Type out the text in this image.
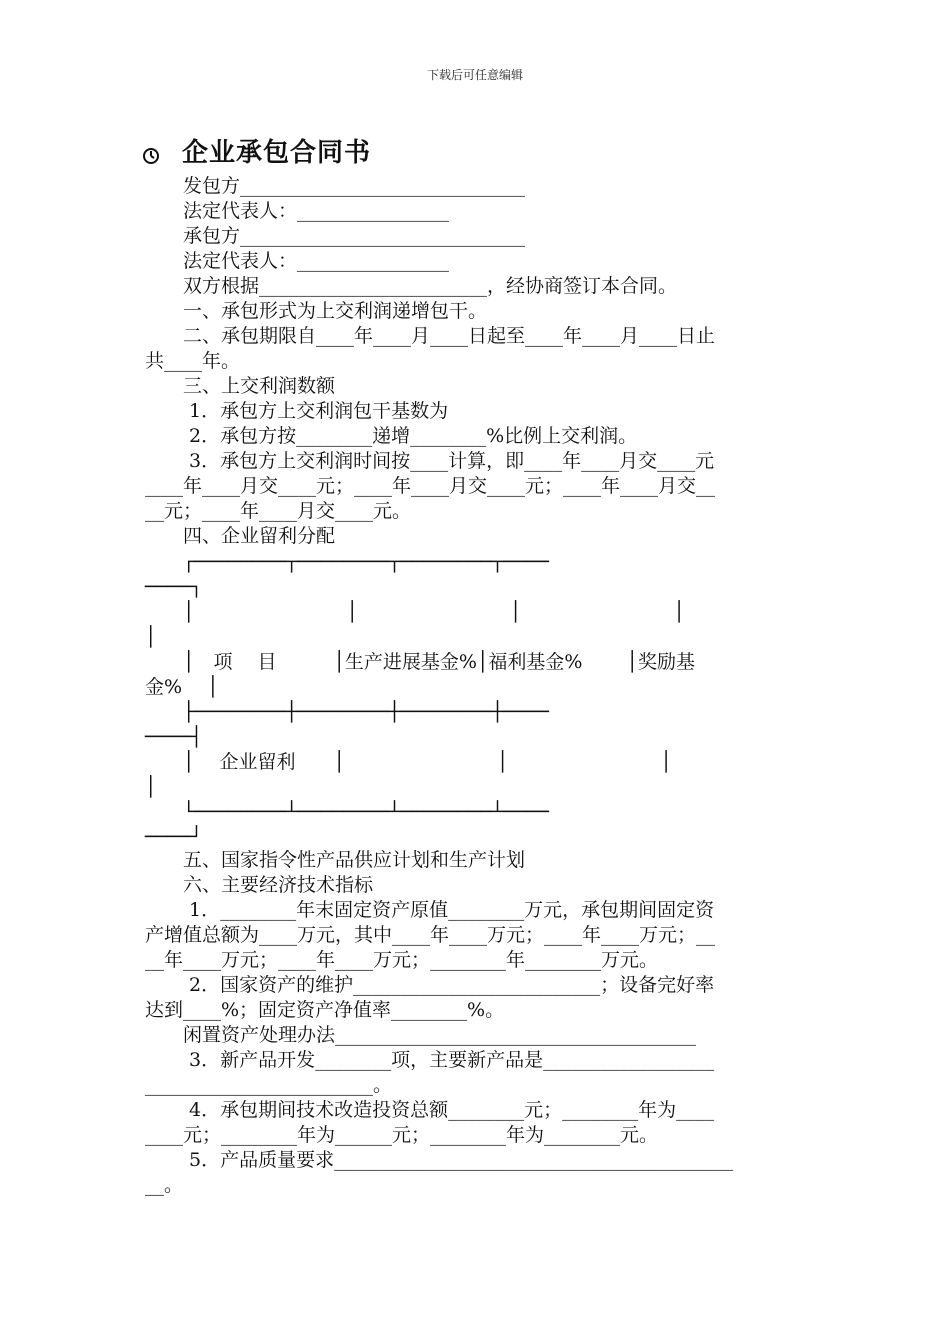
下载后可任意编辑
企业承包合同书
　　发包方______________________________
　　法定代表人：________________
　　承包方______________________________
　　法定代表人：________________
　　双方根据________________________，经协商签订本合同。
　　一、承包形式为上交利润递增包干。
　　二、承包期限自____年____月____日起至____年____月____日止
共____年。
　　三、上交利润数额
　　 1．承包方上交利润包干基数为
　　 2．承包方按________递增________%比例上交利润。
　　 3．承包方上交利润时间按____计算，即____年____月交____元
____年____月交____元；____年____月交____元；____年____月交__
__元；____年____月交____元。
　　四、企业留利分配
　　┌────────┬────────┬────────┬────
────┐
　　│　　　　　　　　│　　　　　　　　│　　　　　　　　│
│
　　│　项　 目　　　│生产进展基金%│福利基金%　　 │奖励基
金%　 │
　　├────────┼────────┼────────┼────
────┤
　　│　 企业留利　　│　　　　　　　　│　　　　　　　　│
│
　　└────────┴────────┴────────┴────
────┘
　　五、国家指令性产品供应计划和生产计划
　　六、主要经济技术指标
　　 1．________年末固定资产原值________万元，承包期间固定资
产增值总额为____万元，其中____年____万元；____年____万元；__
__年____万元；____年____万元；________年________万元。
　　 2．国家资产的维护__________________________；设备完好率
达到____%；固定资产净值率________%。
　　闲置资产处理办法______________________________________
　　 3．新产品开发________项，主要新产品是__________________
________________________。
　　 4．承包期间技术改造投资总额________元；________年为____
____元；________年为______元；________年为________元。
　　 5．产品质量要求__________________________________________
__。
